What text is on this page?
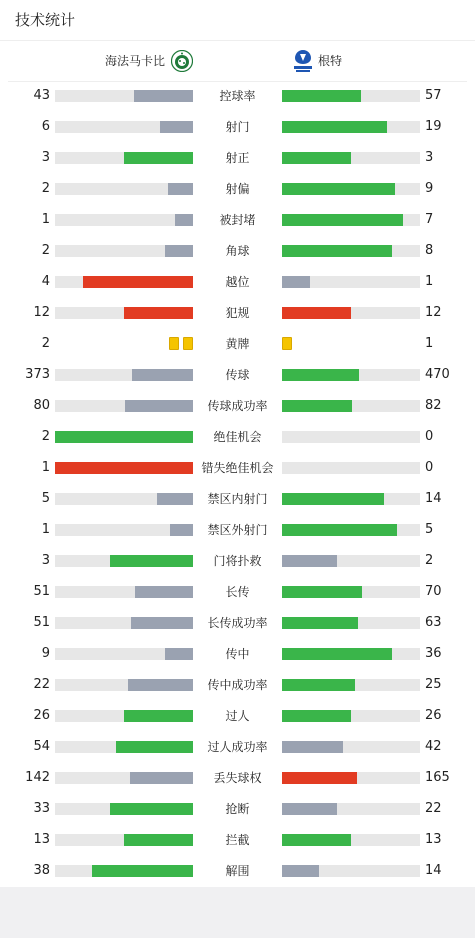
技术统计
海法马卡比	根特
43	控球率	57
6	射门	19
3	射正	3
2	射偏	9
1	被封堵	7
2	角球	8
4	越位	1
12	犯规	12
2	黄牌	1
373	传球	470
80	传球成功率	82
2	绝佳机会	0
1	错失绝佳机会	0
5	禁区内射门	14
1	禁区外射门	5
3	门将扑救	2
51	长传	70
51	长传成功率	63
9	传中	36
22	传中成功率	25
26	过人	26
54	过人成功率	42
142	丢失球权	165
33	抢断	22
13	拦截	13
38	解围	14
